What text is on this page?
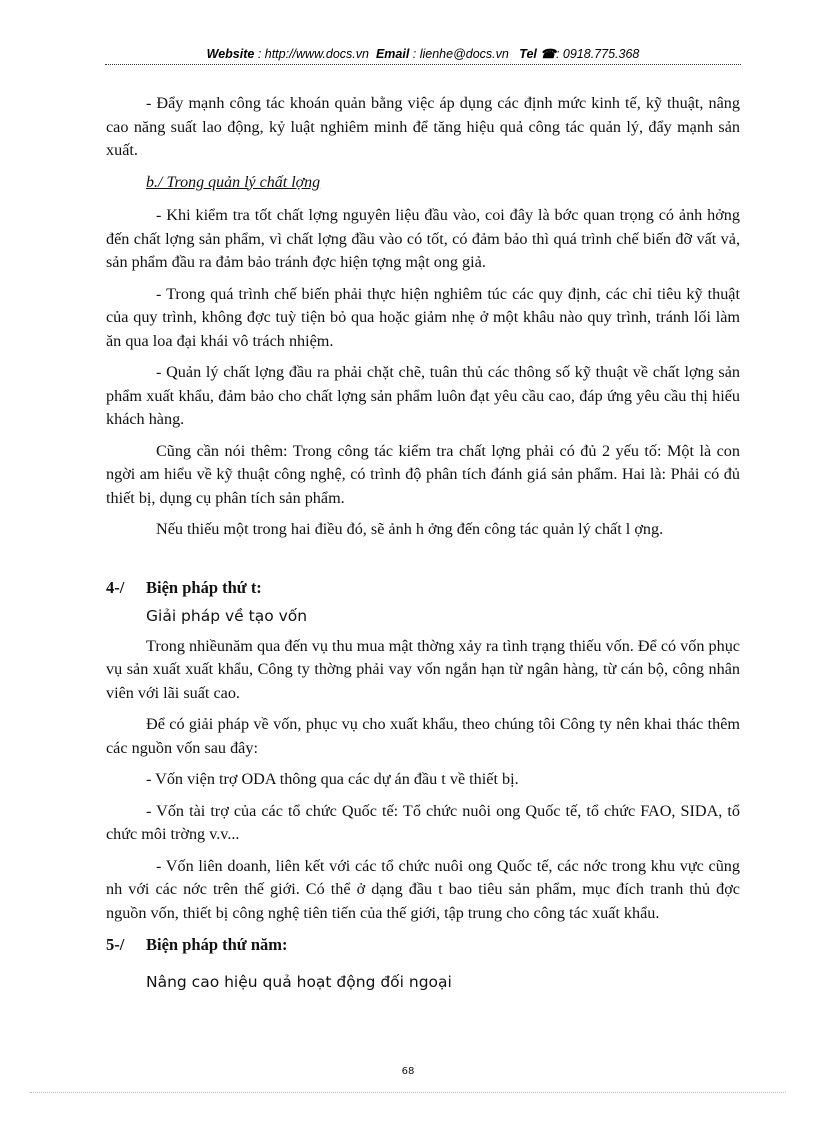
Website : http://www.docs.vn Email : lienhe@docs.vn Tel ☎: 0918.775.368

- Đẩy mạnh công tác khoán quản bằng việc áp dụng các định mức kinh tế, kỹ thuật, nâng cao năng suất lao động, kỷ luật nghiêm minh để tăng hiệu quả công tác quản lý, đẩy mạnh sản xuất.

b./ Trong quản lý chất lợng

- Khi kiểm tra tốt chất lợng nguyên liệu đầu vào, coi đây là bớc quan trọng có ảnh hởng đến chất lợng sản phẩm, vì chất lợng đầu vào có tốt, có đảm bảo thì quá trình chế biến đỡ vất vả, sản phẩm đầu ra đảm bảo tránh đợc hiện tợng mật ong giả.

- Trong quá trình chế biến phải thực hiện nghiêm túc các quy định, các chỉ tiêu kỹ thuật của quy trình, không đợc tuỳ tiện bỏ qua hoặc giảm nhẹ ở một khâu nào quy trình, tránh lối làm ăn qua loa đại khái vô trách nhiệm.

- Quản lý chất lợng đầu ra phải chặt chẽ, tuân thủ các thông số kỹ thuật về chất lợng sản phẩm xuất khẩu, đảm bảo cho chất lợng sản phẩm luôn đạt yêu cầu cao, đáp ứng yêu cầu thị hiếu khách hàng.

Cũng cần nói thêm: Trong công tác kiểm tra chất lợng phải có đủ 2 yếu tố: Một là con ngời am hiểu về kỹ thuật công nghệ, có trình độ phân tích đánh giá sản phẩm. Hai là: Phải có đủ thiết bị, dụng cụ phân tích sản phẩm.

Nếu thiếu một trong hai điều đó, sẽ ảnh h ởng đến công tác quản lý chất l ợng.

4-/ Biện pháp thứ t:

Giải pháp về tạo vốn

Trong nhiềunăm qua đến vụ thu mua mật thờng xảy ra tình trạng thiếu vốn. Để có vốn phục vụ sản xuất xuất khẩu, Công ty thờng phải vay vốn ngắn hạn từ ngân hàng, từ cán bộ, công nhân viên với lãi suất cao.

Để có giải pháp về vốn, phục vụ cho xuất khẩu, theo chúng tôi Công ty nên khai thác thêm các nguồn vốn sau đây:

- Vốn viện trợ ODA thông qua các dự án đầu t về thiết bị.

- Vốn tài trợ của các tổ chức Quốc tế: Tổ chức nuôi ong Quốc tế, tổ chức FAO, SIDA, tổ chức môi trờng v.v...

- Vốn liên doanh, liên kết với các tổ chức nuôi ong Quốc tế, các nớc trong khu vực cũng nh với các nớc trên thế giới. Có thể ở dạng đầu t bao tiêu sản phẩm, mục đích tranh thủ đợc nguồn vốn, thiết bị công nghệ tiên tiến của thế giới, tập trung cho công tác xuất khẩu.

5-/ Biện pháp thứ năm:

Nâng cao hiệu quả hoạt động đối ngoại

68
